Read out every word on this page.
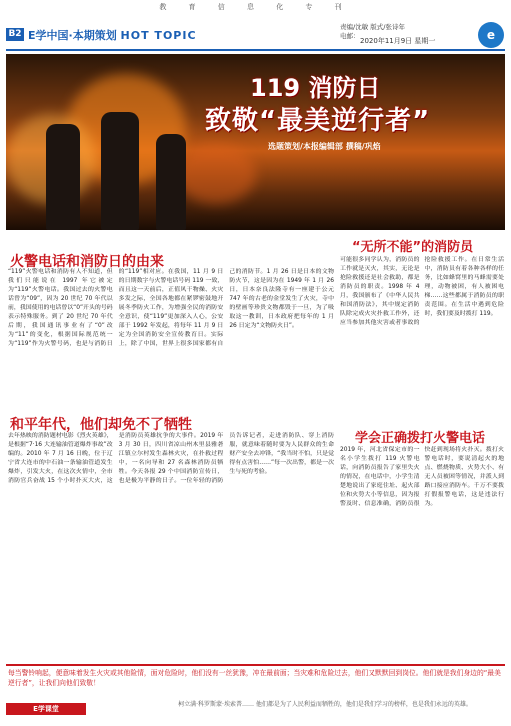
教 育 信 息 化 专 刊
B2 E学中国·本期策划 HOT TOPIC
责编/沈敏 版式/张诗年
电邮：
2020年11月9日 星期一	e
119 消防日
致敬“最美逆行者”
选题策划/本报编辑部 撰稿/巩焰
火警电话和消防日的由来
“119”火警电话和消防有人不知道，但我们只能说在 1997 年它被定为“119”火警电话。我国过去的火警电话曾为“09”，因为 20 世纪 70 年代以前，我国使用的电话曾以“0”开头的号码表示特殊服务。到了 20 世纪 70 年代后期，我国通讯事业有了“0”改为“11”的变化，根据国际规范统一为“119”作为火警号码，也是与消防日的“119”相对应。在我国，11 月 9 日的日期数字与火警电话号码 119 一致，而且这一天前后，正值风干物燥、火灾多发之际，全国各地都在紧锣密鼓地开展冬季防火工作，为增强全民的消防安全意识，使“119”更加深入人心，公安部于 1992 年发起，将每年 11 月 9 日定为全国消防安全宣传教育日。实际上，除了中国，世界上很多国家都有自己的消防节。1 月 26 日是日本的文物防火节，这是因为在 1949 年 1 月 26 日，日本奈良法隆寺有一座建于公元 747 年的古老的金堂发生了火灾，寺中的壁画等珍贵文物都毁于一旦，为了吸取这一教训，日本政府把每年的 1 月 26 日定为“文物防火日”。
“无所不能”的消防员
可能很多同学认为，消防员的工作就是灭火，其实，无论是抢险救援还是社会救助，都是消防员的职责。1998 年 4 月，我国颁布了《中华人民共和国消防法》，其中规定消防队除完成火灾扑救工作外，还应当参加其他灾害或者事故的抢险救援工作。在日常生活中，消防员有着各种各样的任务，比如蜂窝里的马蜂需要处理，动物被困，有人被困电梯……这些都属于消防员的职责范围。在生活中遇到危险时，我们要及时拨打 119。
和平年代，他们却免不了牺牲
去年热映的消防题材电影《烈火英雄》，是根据“7·16 大连输油管道爆炸事故”改编的。2010 年 7 月 16 日晚，位于辽宁省大连市的中石油一条输油管道发生爆炸，引发大火，在这次火情中，全市消防官兵奋战 15 个小时扑灭大火，这是消防员英雄抗争的大事件。2019 年 3 月 30 日，四川省凉山州木里县雅砻江镇立尔村发生森林火灾，在扑救过程中，一名向导和 27 名森林消防员牺牲。今天各报 29 个中国消防宣传日，也是极为平静的日子。一位年轻的消防员告诉记者，走进消防队、穿上消防服，就意味着随时要为人民群众的生命财产安全去冲锋，“我当时不怕，只是觉得有点害怕……”每一次出警，都是一次生与死的考验。
学会正确拨打火警电话
2019 年，河北省保定市的一名小学生拨打 119 火警电话，向消防员报告了家里失火的情况，在电话中，小学生清楚地说出了家庭住址、起火部位和火势大小等信息，因为报警及时、信息准确，消防员很快赶到现场将火扑灭。拨打火警电话时，要说清起火的地点、燃烧物质、火势大小、有无人员被困等情况，并派人到路口接应消防车。千万不要拨打假报警电话，这是违法行为。
每当警铃响起，便意味着发生火灾或其他险情，面对危险时，他们没有一丝犹豫，冲在最前面；当灾难和危险过去，他们又默默回到岗位。他们就是我们身边的“最美逆行者”，让我们向他们致敬！
E学课堂
柯立满·科罗斯蒙·埃索普…… 他们都是为了人民利益而牺牲的，他们是我们学习的榜样，也是我们永远的英雄。
